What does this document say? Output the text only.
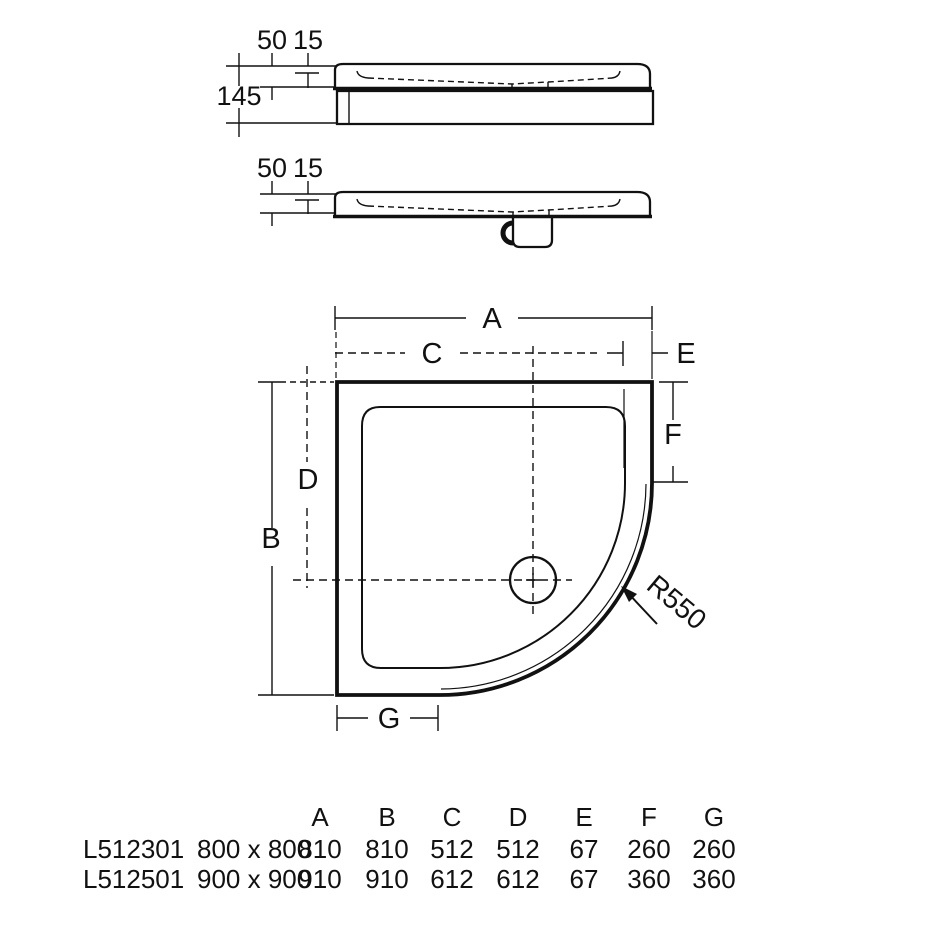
50 15
145
50 15
A
C	E
F
B
D
G
R550
A B C D E F G
L512301 800 x 800
810 810 512 512 67 260 260
L512501 900 x 900
910 910 612 612 67 360 360
